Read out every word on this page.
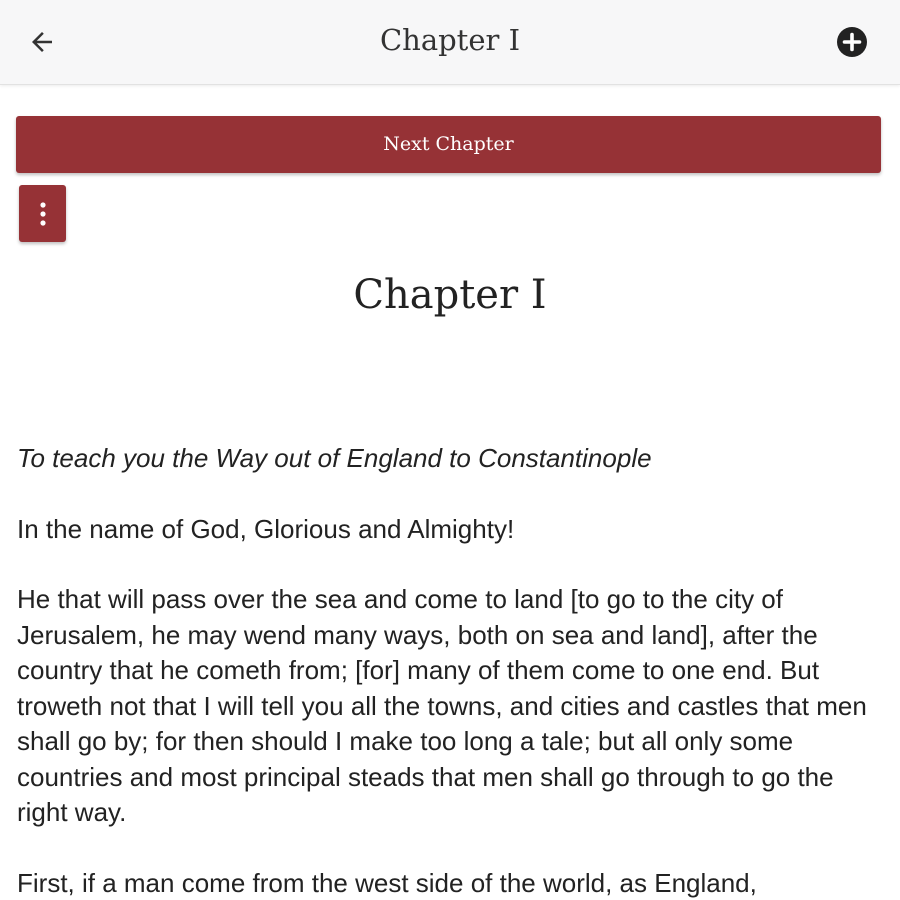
Chapter I
Next Chapter
Chapter I

To teach you the Way out of England to Constantinople

In the name of God, Glorious and Almighty!

He that will pass over the sea and come to land [to go to the city of Jerusalem, he may wend many ways, both on sea and land], after the country that he cometh from; [for] many of them come to one end. But troweth not that I will tell you all the towns, and cities and castles that men shall go by; for then should I make too long a tale; but all only some countries and most principal steads that men shall go through to go the right way.

First, if a man come from the west side of the world, as England,
